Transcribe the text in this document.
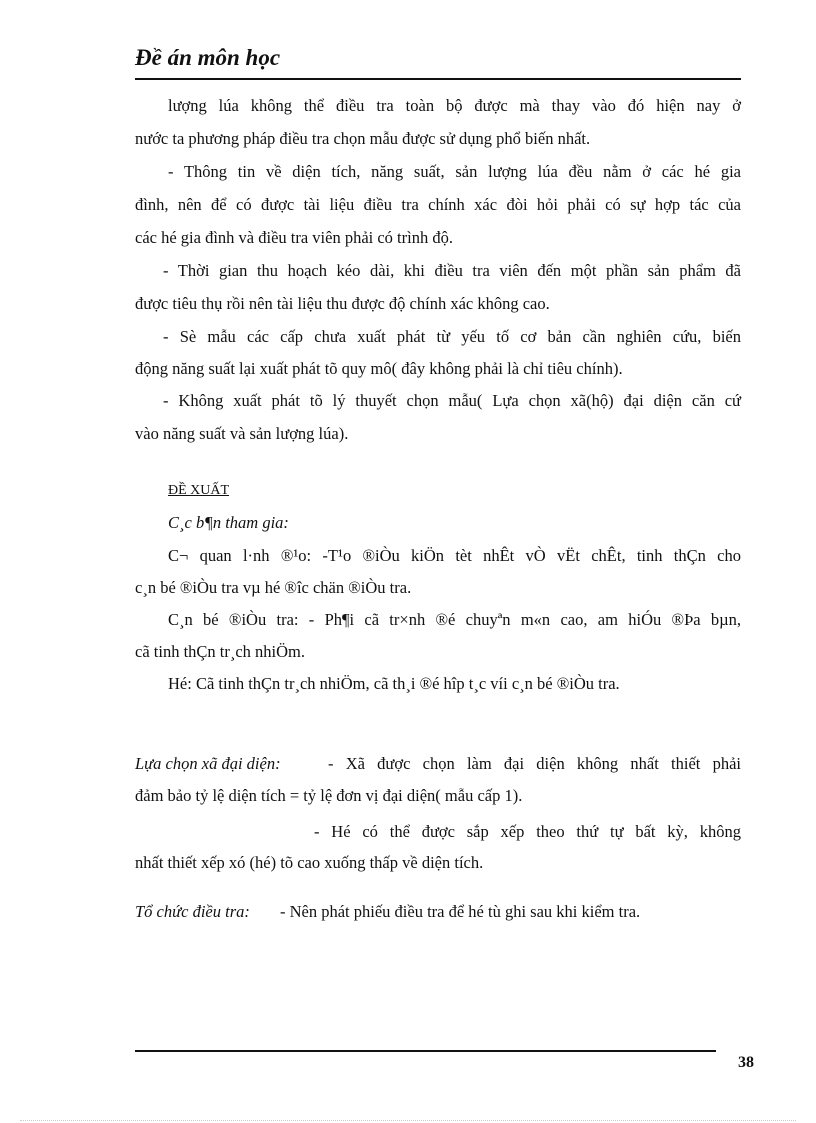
Đề án môn học
lượng lúa không thể điều tra toàn bộ được mà thay vào đó hiện nay ở
nước ta phương pháp điều tra chọn mẫu được sử dụng phổ biến nhất.
- Thông tin về diện tích, năng suất, sản lượng lúa đều nằm ở các hé gia
đình, nên để có được tài liệu điều tra chính xác đòi hỏi phải có sự hợp tác của
các hé gia đình và điều tra viên phải có trình độ.
- Thời gian thu hoạch kéo dài, khi điều tra viên đến một phần sản phẩm đã
được tiêu thụ rồi nên tài liệu thu được độ chính xác không cao.
- Sè mẫu các cấp chưa xuất phát từ yếu tố cơ bản cần nghiên cứu, biến
động năng suất lại xuất phát tõ quy mô( đây không phải là chỉ tiêu chính).
- Không xuất phát tõ lý thuyết chọn mẫu( Lựa chọn xã(hộ) đại diện căn cứ
vào năng suất và sản lượng lúa).
ĐỀ XUẤT
C¸c b¶n tham gia:
C¬ quan l·nh ®¹o: -T¹o ®iÒu kiÖn tèt nhÊt vÒ vËt chÊt, tinh thÇn cho
c¸n bé ®iÒu tra vµ hé ®îc chän ®iÒu tra.
C¸n bé ®iÒu tra: - Ph¶i cã tr×nh ®é chuyªn m«n cao, am hiÓu ®Þa bµn,
cã tinh thÇn tr¸ch nhiÖm.
Hé: Cã tinh thÇn tr¸ch nhiÖm, cã th¸i ®é hîp t¸c víi c¸n bé ®iÒu tra.
Lựa chọn xã đại diện:	- Xã được chọn làm đại diện không nhất thiết phải
đảm bảo tỷ lệ diện tích = tỷ lệ đơn vị đại diện( mẫu cấp 1).
- Hé có thể được sắp xếp theo thứ tự bất kỳ, không
nhất thiết xếp xó (hé) tõ cao xuống thấp về diện tích.
Tổ chức điều tra: - Nên phát phiếu điều tra để hé tù ghi sau khi kiểm tra.
38
